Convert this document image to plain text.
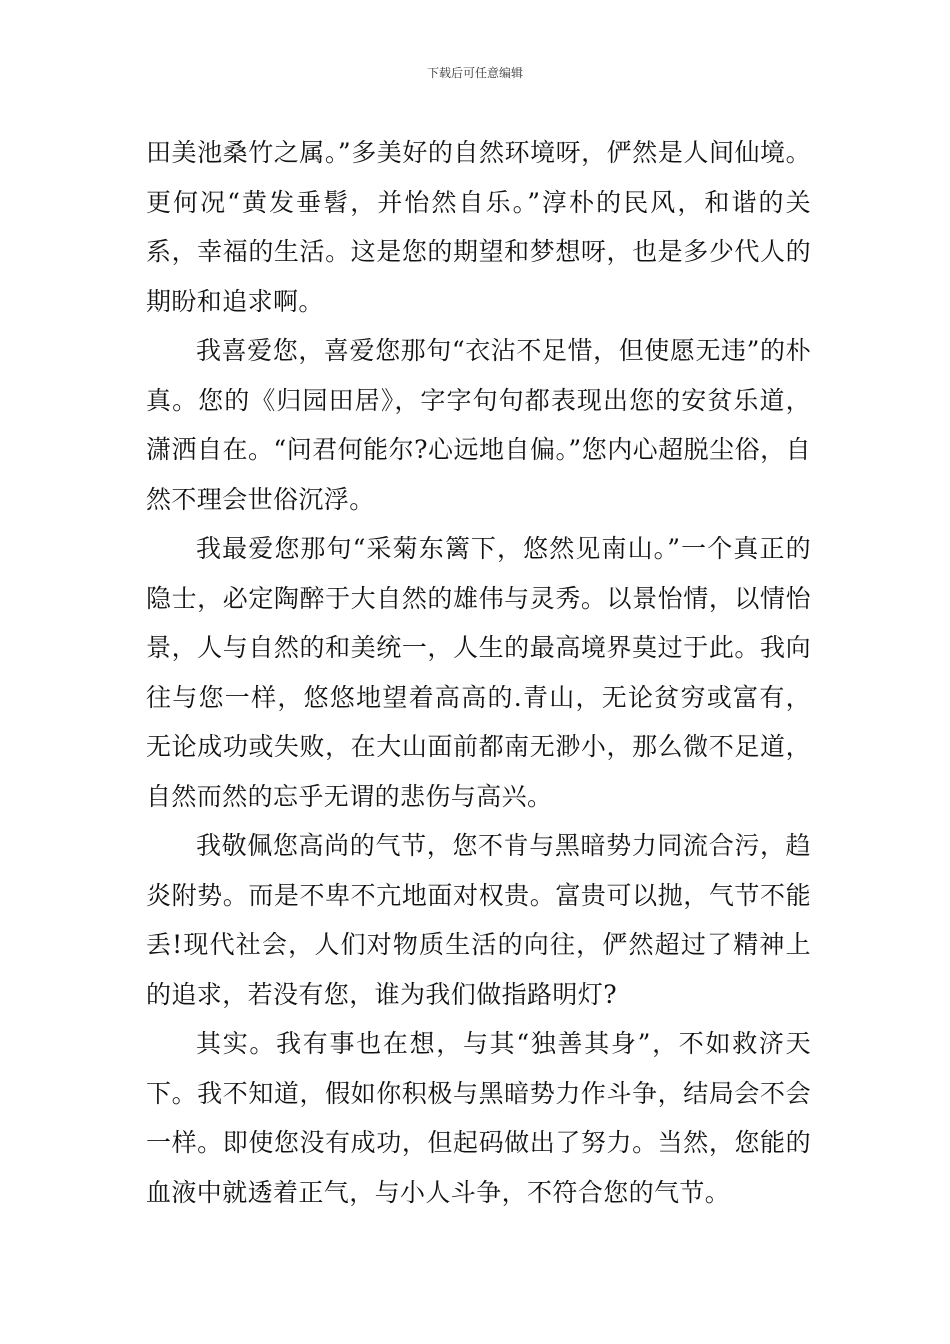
下载后可任意编辑

田美池桑竹之属。”多美好的自然环境呀，俨然是人间仙境。更何况“黄发垂髫，并怡然自乐。”淳朴的民风，和谐的关系，幸福的生活。这是您的期望和梦想呀，也是多少代人的期盼和追求啊。

我喜爱您，喜爱您那句“衣沾不足惜，但使愿无违”的朴真。您的《归园田居》，字字句句都表现出您的安贫乐道，潇洒自在。“问君何能尔?心远地自偏。”您内心超脱尘俗，自然不理会世俗沉浮。

我最爱您那句“采菊东篱下，悠然见南山。”一个真正的隐士，必定陶醉于大自然的雄伟与灵秀。以景怡情，以情怡景，人与自然的和美统一，人生的最高境界莫过于此。我向往与您一样，悠悠地望着高高的.青山，无论贫穷或富有，无论成功或失败，在大山面前都南无渺小，那么微不足道，自然而然的忘乎无谓的悲伤与高兴。

我敬佩您高尚的气节，您不肯与黑暗势力同流合污，趋炎附势。而是不卑不亢地面对权贵。富贵可以抛，气节不能丢!现代社会，人们对物质生活的向往，俨然超过了精神上的追求，若没有您，谁为我们做指路明灯?

其实。我有事也在想，与其“独善其身”，不如救济天下。我不知道，假如你积极与黑暗势力作斗争，结局会不会一样。即使您没有成功，但起码做出了努力。当然，您能的血液中就透着正气，与小人斗争，不符合您的气节。
